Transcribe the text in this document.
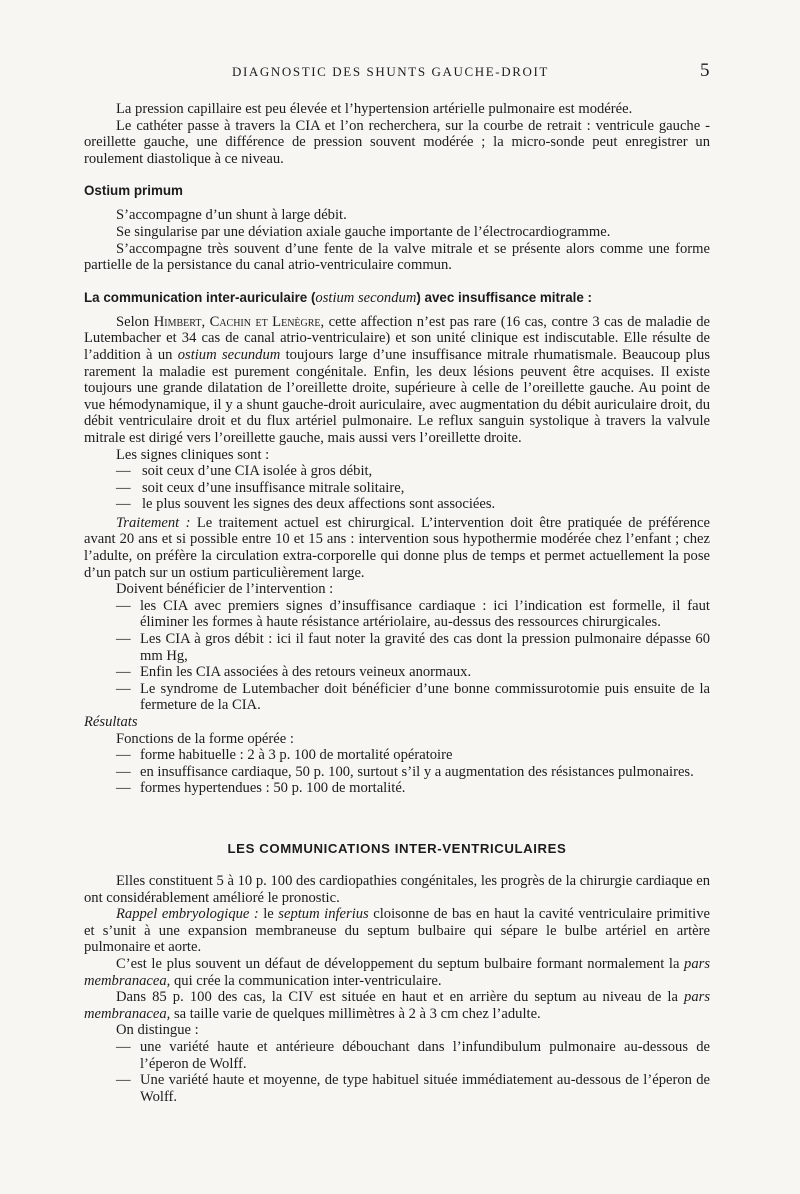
DIAGNOSTIC DES SHUNTS GAUCHE-DROIT	5

La pression capillaire est peu élevée et l’hypertension artérielle pulmonaire est modérée.

Le cathéter passe à travers la CIA et l’on recherchera, sur la courbe de retrait : ventricule gauche - oreillette gauche, une différence de pression souvent modérée ; la micro-sonde peut enregistrer un roulement diastolique à ce niveau.

Ostium primum

S’accompagne d’un shunt à large débit.

Se singularise par une déviation axiale gauche importante de l’électrocardiogramme.

S’accompagne très souvent d’une fente de la valve mitrale et se présente alors comme une forme partielle de la persistance du canal atrio-ventriculaire commun.

La communication inter-auriculaire (ostium secondum) avec insuffisance mitrale :

Selon Himbert, Cachin et Lenègre, cette affection n’est pas rare (16 cas, contre 3 cas de maladie de Lutembacher et 34 cas de canal atrio-ventriculaire) et son unité clinique est indiscutable. Elle résulte de l’addition à un ostium secundum toujours large d’une insuffisance mitrale rhumatismale. Beaucoup plus rarement la maladie est purement congénitale. Enfin, les deux lésions peuvent être acquises. Il existe toujours une grande dilatation de l’oreillette droite, supérieure à celle de l’oreillette gauche. Au point de vue hémodynamique, il y a shunt gauche-droit auriculaire, avec augmentation du débit auriculaire droit, du débit ventriculaire droit et du flux artériel pulmonaire. Le reflux sanguin systolique à travers la valvule mitrale est dirigé vers l’oreillette gauche, mais aussi vers l’oreillette droite.

Les signes cliniques sont :

— soit ceux d’une CIA isolée à gros débit,

— soit ceux d’une insuffisance mitrale solitaire,

— le plus souvent les signes des deux affections sont associées.

Traitement : Le traitement actuel est chirurgical. L’intervention doit être pratiquée de préférence avant 20 ans et si possible entre 10 et 15 ans : intervention sous hypothermie modérée chez l’enfant ; chez l’adulte, on préfère la circulation extra-corporelle qui donne plus de temps et permet actuellement la pose d’un patch sur un ostium particulièrement large.

Doivent bénéficier de l’intervention :

— les CIA avec premiers signes d’insuffisance cardiaque : ici l’indication est formelle, il faut éliminer les formes à haute résistance artériolaire, au-dessus des ressources chirurgicales.

— Les CIA à gros débit : ici il faut noter la gravité des cas dont la pression pulmonaire dépasse 60 mm Hg,

— Enfin les CIA associées à des retours veineux anormaux.

— Le syndrome de Lutembacher doit bénéficier d’une bonne commissurotomie puis ensuite de la fermeture de la CIA.

Résultats

Fonctions de la forme opérée :

— forme habituelle : 2 à 3 p. 100 de mortalité opératoire

— en insuffisance cardiaque, 50 p. 100, surtout s’il y a augmentation des résistances pulmonaires.

— formes hypertendues : 50 p. 100 de mortalité.

LES COMMUNICATIONS INTER-VENTRICULAIRES

Elles constituent 5 à 10 p. 100 des cardiopathies congénitales, les progrès de la chirurgie cardiaque en ont considérablement amélioré le pronostic.

Rappel embryologique : le septum inferius cloisonne de bas en haut la cavité ventriculaire primitive et s’unit à une expansion membraneuse du septum bulbaire qui sépare le bulbe artériel en artère pulmonaire et aorte.

C’est le plus souvent un défaut de développement du septum bulbaire formant normalement la pars membranacea, qui crée la communication inter-ventriculaire.

Dans 85 p. 100 des cas, la CIV est située en haut et en arrière du septum au niveau de la pars membranacea, sa taille varie de quelques millimètres à 2 à 3 cm chez l’adulte.

On distingue :

— une variété haute et antérieure débouchant dans l’infundibulum pulmonaire au-dessous de l’éperon de Wolff.

— Une variété haute et moyenne, de type habituel située immédiatement au-dessous de l’éperon de Wolff.
